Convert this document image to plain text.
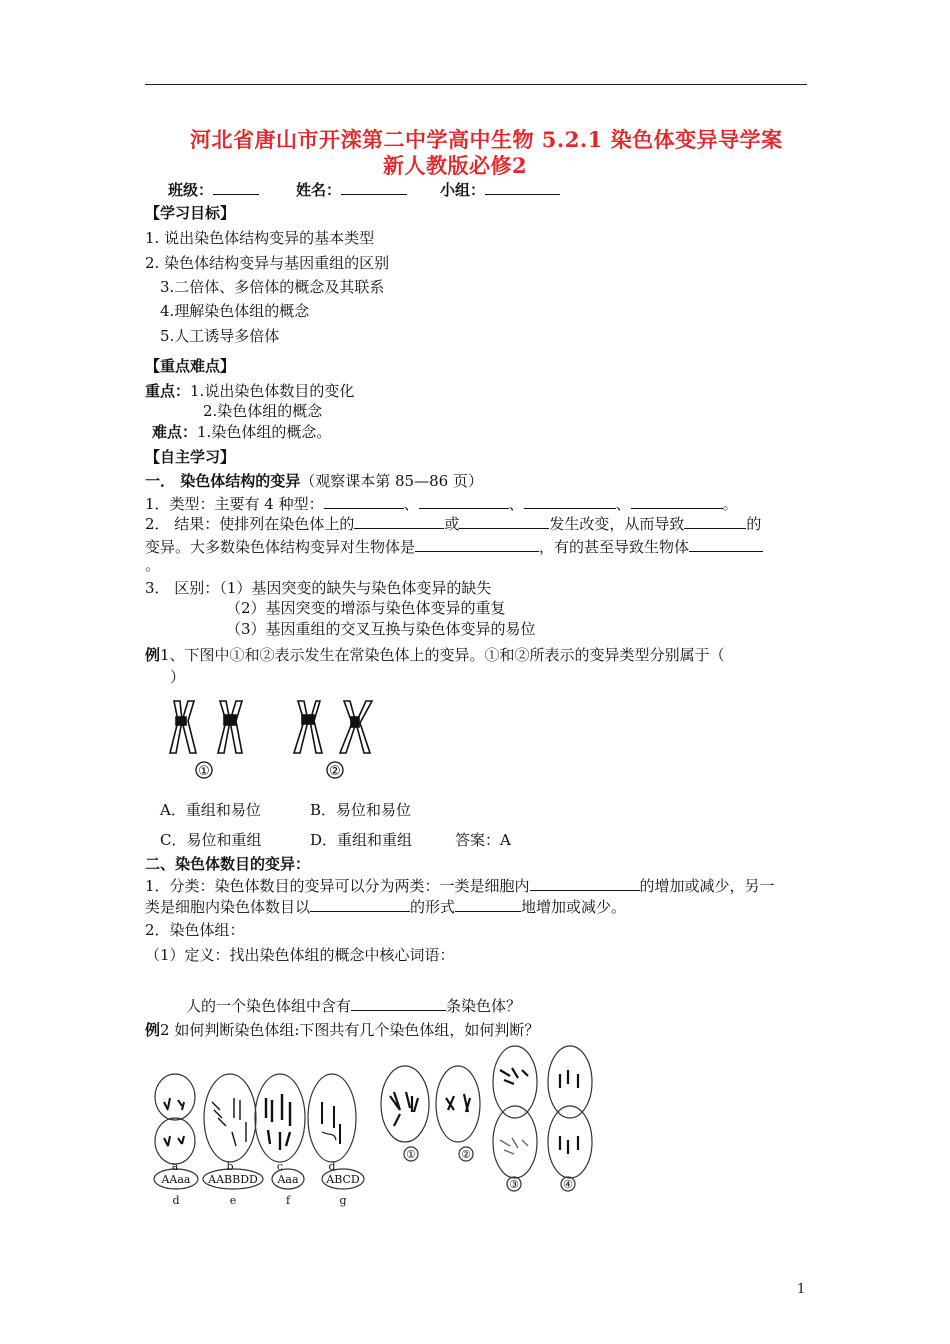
河北省唐山市开滦第二中学高中生物 5.2.1 染色体变异导学案
新人教版必修2
班级：	姓名：	小组：
【学习目标】
1. 说出染色体结构变异的基本类型
2. 染色体结构变异与基因重组的区别
3.二倍体、多倍体的概念及其联系
4.理解染色体组的概念
5.人工诱导多倍体
【重点难点】
重点：1.说出染色体数目的变化
2.染色体组的概念
难点：1.染色体组的概念。
【自主学习】
一． 染色体结构的变异（观察课本第 85—86 页）
1．类型：主要有 4 种型：	、	、	、	。
2． 结果：使排列在染色体上的	或	发生改变，从而导致	的
变异。大多数染色体结构变异对生物体是	，有的甚至导致生物体
。
3． 区别：（1）基因突变的缺失与染色体变异的缺失
（2）基因突变的增添与染色体变异的重复
（3）基因重组的交叉互换与染色体变异的易位
例1、下图中①和②表示发生在常染色体上的变异。①和②所表示的变异类型分别属于（
）
①	②
A．重组和易位	B．易位和易位
C．易位和重组	D．重组和重组	答案：A
二、染色体数目的变异：
1．分类：染色体数目的变异可以分为两类：一类是细胞内	的增加或减少，另一
类是细胞内染色体数目以	的形式	地增加或减少。
2．染色体组：
（1）定义：找出染色体组的概念中核心词语：
人的一个染色体组中含有	条染色体？
例2 如何判断染色体组:下图共有几个染色体组，如何判断？
a	b	c	d
AAaa AABBDD Aaa	ABCD
d	e	f	g
①	②
③	④
1
